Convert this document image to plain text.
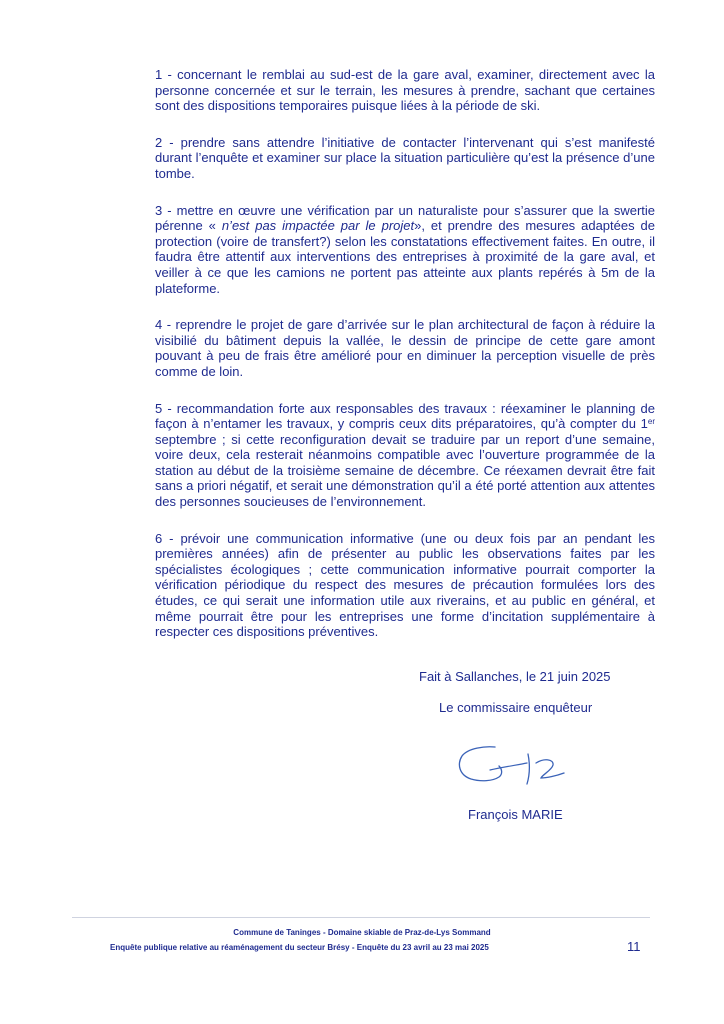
1 - concernant le remblai au sud-est de la gare aval, examiner, directement avec la personne concernée et sur le terrain, les mesures à prendre, sachant que certaines sont des dispositions temporaires puisque liées à la période de ski.

2 - prendre sans attendre l’initiative de contacter l’intervenant qui s’est manifesté durant l’enquête et examiner sur place la situation particulière qu’est la présence d’une tombe.

3 - mettre en œuvre une vérification par un naturaliste pour s’assurer que la swertie pérenne « n’est pas impactée par le projet», et prendre des mesures adaptées de protection (voire de transfert?) selon les constatations effectivement faites. En outre, il faudra être attentif aux interventions des entreprises à proximité de la gare aval, et veiller à ce que les camions ne portent pas atteinte aux plants repérés à 5m de la plateforme.

4 - reprendre le projet de gare d’arrivée sur le plan architectural de façon à réduire la visibilié du bâtiment depuis la vallée, le dessin de principe de cette gare amont pouvant à peu de frais être amélioré pour en diminuer la perception visuelle de près comme de loin.

5 - recommandation forte aux responsables des travaux : réexaminer le planning de façon à n’entamer les travaux, y compris ceux dits préparatoires, qu’à compter du 1er septembre ; si cette reconfiguration devait se traduire par un report d’une semaine, voire deux, cela resterait néanmoins compatible avec l’ouverture programmée de la station au début de la troisième semaine de décembre. Ce réexamen devrait être fait sans a priori négatif, et serait une démonstration qu’il a été porté attention aux attentes des personnes soucieuses de l’environnement.

6 - prévoir une communication informative (une ou deux fois par an pendant les premières années) afin de présenter au public les observations faites par les spécialistes écologiques ; cette communication informative pourrait comporter la vérification périodique du respect des mesures de précaution formulées lors des études, ce qui serait une information utile aux riverains, et au public en général, et même pourrait être pour les entreprises une forme d’incitation supplémentaire à respecter ces dispositions préventives.

Fait à Sallanches, le 21 juin 2025
Le commissaire enquêteur
François MARIE
Commune de Taninges - Domaine skiable de Praz-de-Lys Sommand
Enquête publique relative au réaménagement du secteur Brésy - Enquête du 23 avril au 23 mai 2025	11
